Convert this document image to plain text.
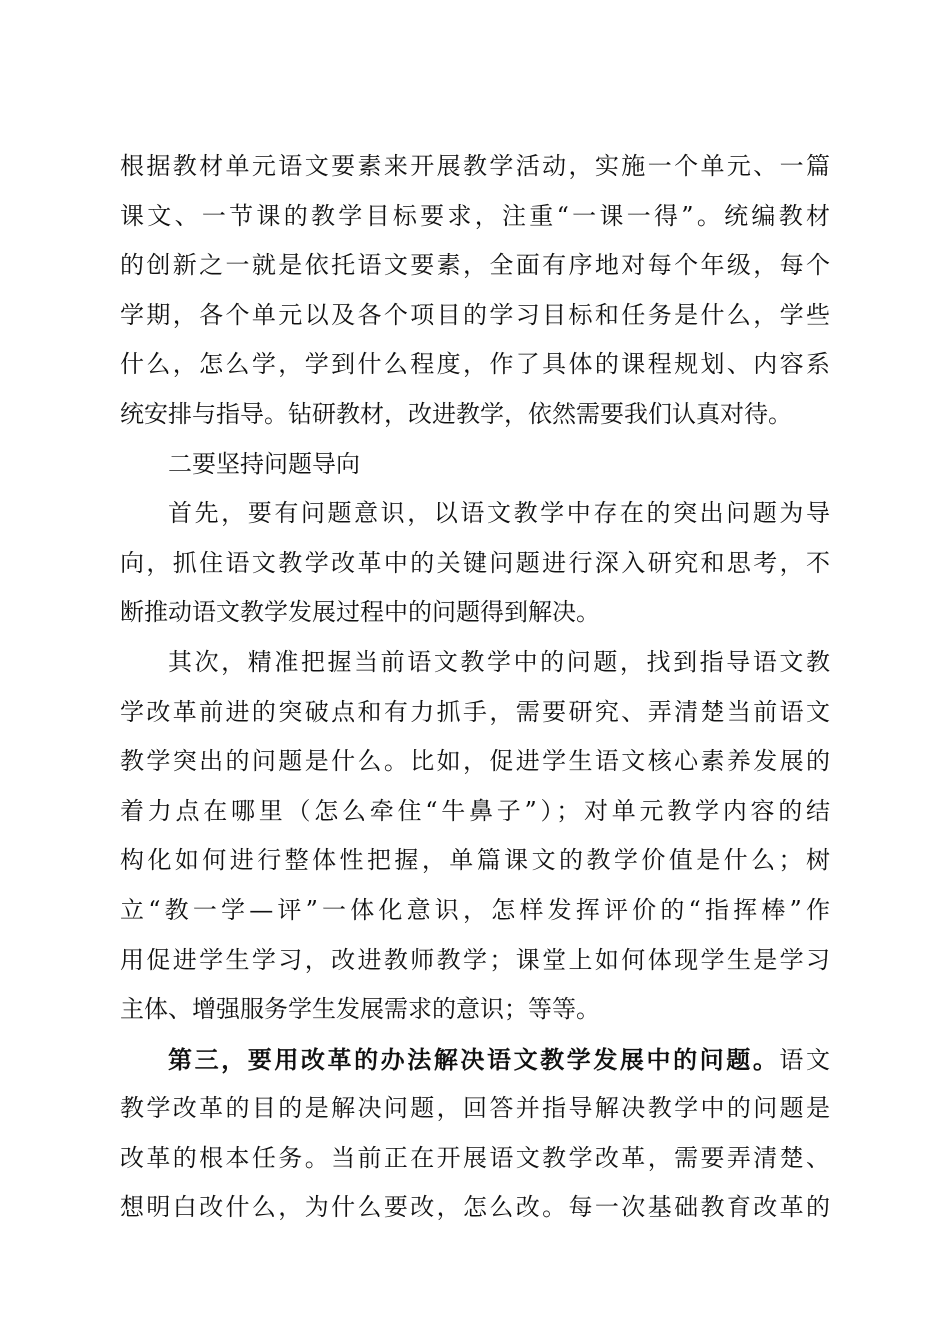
根据教材单元语文要素来开展教学活动，实施一个单元、一篇
课文、一节课的教学目标要求，注重“一课一得”。统编教材
的创新之一就是依托语文要素，全面有序地对每个年级，每个
学期，各个单元以及各个项目的学习目标和任务是什么，学些
什么，怎么学，学到什么程度，作了具体的课程规划、内容系
统安排与指导。钻研教材，改进教学，依然需要我们认真对待。
二要坚持问题导向
首先，要有问题意识，以语文教学中存在的突出问题为导
向，抓住语文教学改革中的关键问题进行深入研究和思考，不
断推动语文教学发展过程中的问题得到解决。
其次，精准把握当前语文教学中的问题，找到指导语文教
学改革前进的突破点和有力抓手，需要研究、弄清楚当前语文
教学突出的问题是什么。比如，促进学生语文核心素养发展的
着力点在哪里（怎么牵住“牛鼻子”）；对单元教学内容的结
构化如何进行整体性把握，单篇课文的教学价值是什么；树
立“教一学—评”一体化意识，怎样发挥评价的“指挥棒”作
用促进学生学习，改进教师教学；课堂上如何体现学生是学习
主体、增强服务学生发展需求的意识；等等。
第三，要用改革的办法解决语文教学发展中的问题。语文
教学改革的目的是解决问题，回答并指导解决教学中的问题是
改革的根本任务。当前正在开展语文教学改革，需要弄清楚、
想明白改什么，为什么要改，怎么改。每一次基础教育改革的
